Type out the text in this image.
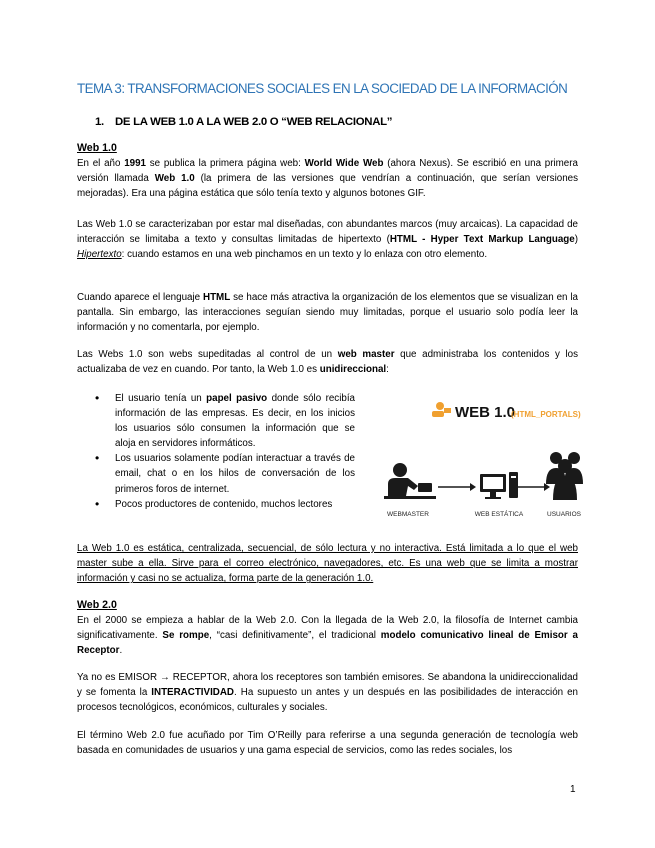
TEMA 3: TRANSFORMACIONES SOCIALES EN LA SOCIEDAD DE LA INFORMACIÓN
1. DE LA WEB 1.0 A LA WEB 2.0 O “WEB RELACIONAL”
Web 1.0
En el año 1991 se publica la primera página web: World Wide Web (ahora Nexus). Se escribió en una primera versión llamada Web 1.0 (la primera de las versiones que vendrían a continuación, que serían versiones mejoradas). Era una página estática que sólo tenía texto y algunos botones GIF.
Las Web 1.0 se caracterizaban por estar mal diseñadas, con abundantes marcos (muy arcaicas). La capacidad de interacción se limitaba a texto y consultas limitadas de hipertexto (HTML - Hyper Text Markup Language) Hipertexto: cuando estamos en una web pinchamos en un texto y lo enlaza con otro elemento.
Cuando aparece el lenguaje HTML se hace más atractiva la organización de los elementos que se visualizan en la pantalla. Sin embargo, las interacciones seguían siendo muy limitadas, porque el usuario solo podía leer la información y no comentarla, por ejemplo.
Las Webs 1.0 son webs supeditadas al control de un web master que administraba los contenidos y los actualizaba de vez en cuando. Por tanto, la Web 1.0 es unidireccional:
• El usuario tenía un papel pasivo donde sólo recibía información de las empresas. Es decir, en los inicios los usuarios sólo consumen la información que se aloja en servidores informáticos.
• Los usuarios solamente podían interactuar a través de email, chat o en los hilos de conversación de los primeros foros de internet.
• Pocos productores de contenido, muchos lectores
WEB 1.0
(HTML_PORTALS)
WEBMASTER	WEB ESTÁTICA	USUARIOS
La Web 1.0 es estática, centralizada, secuencial, de sólo lectura y no interactiva. Está limitada a lo que el web master sube a ella. Sirve para el correo electrónico, navegadores, etc. Es una web que se limita a mostrar información y casi no se actualiza, forma parte de la generación 1.0.
Web 2.0
En el 2000 se empieza a hablar de la Web 2.0. Con la llegada de la Web 2.0, la filosofía de Internet cambia significativamente. Se rompe, “casi definitivamente”, el tradicional modelo comunicativo lineal de Emisor a Receptor.
Ya no es EMISOR → RECEPTOR, ahora los receptores son también emisores. Se abandona la unidireccionalidad y se fomenta la INTERACTIVIDAD. Ha supuesto un antes y un después en las posibilidades de interacción en procesos tecnológicos, económicos, culturales y sociales.
El término Web 2.0 fue acuñado por Tim O’Reilly para referirse a una segunda generación de tecnología web basada en comunidades de usuarios y una gama especial de servicios, como las redes sociales, los
1
